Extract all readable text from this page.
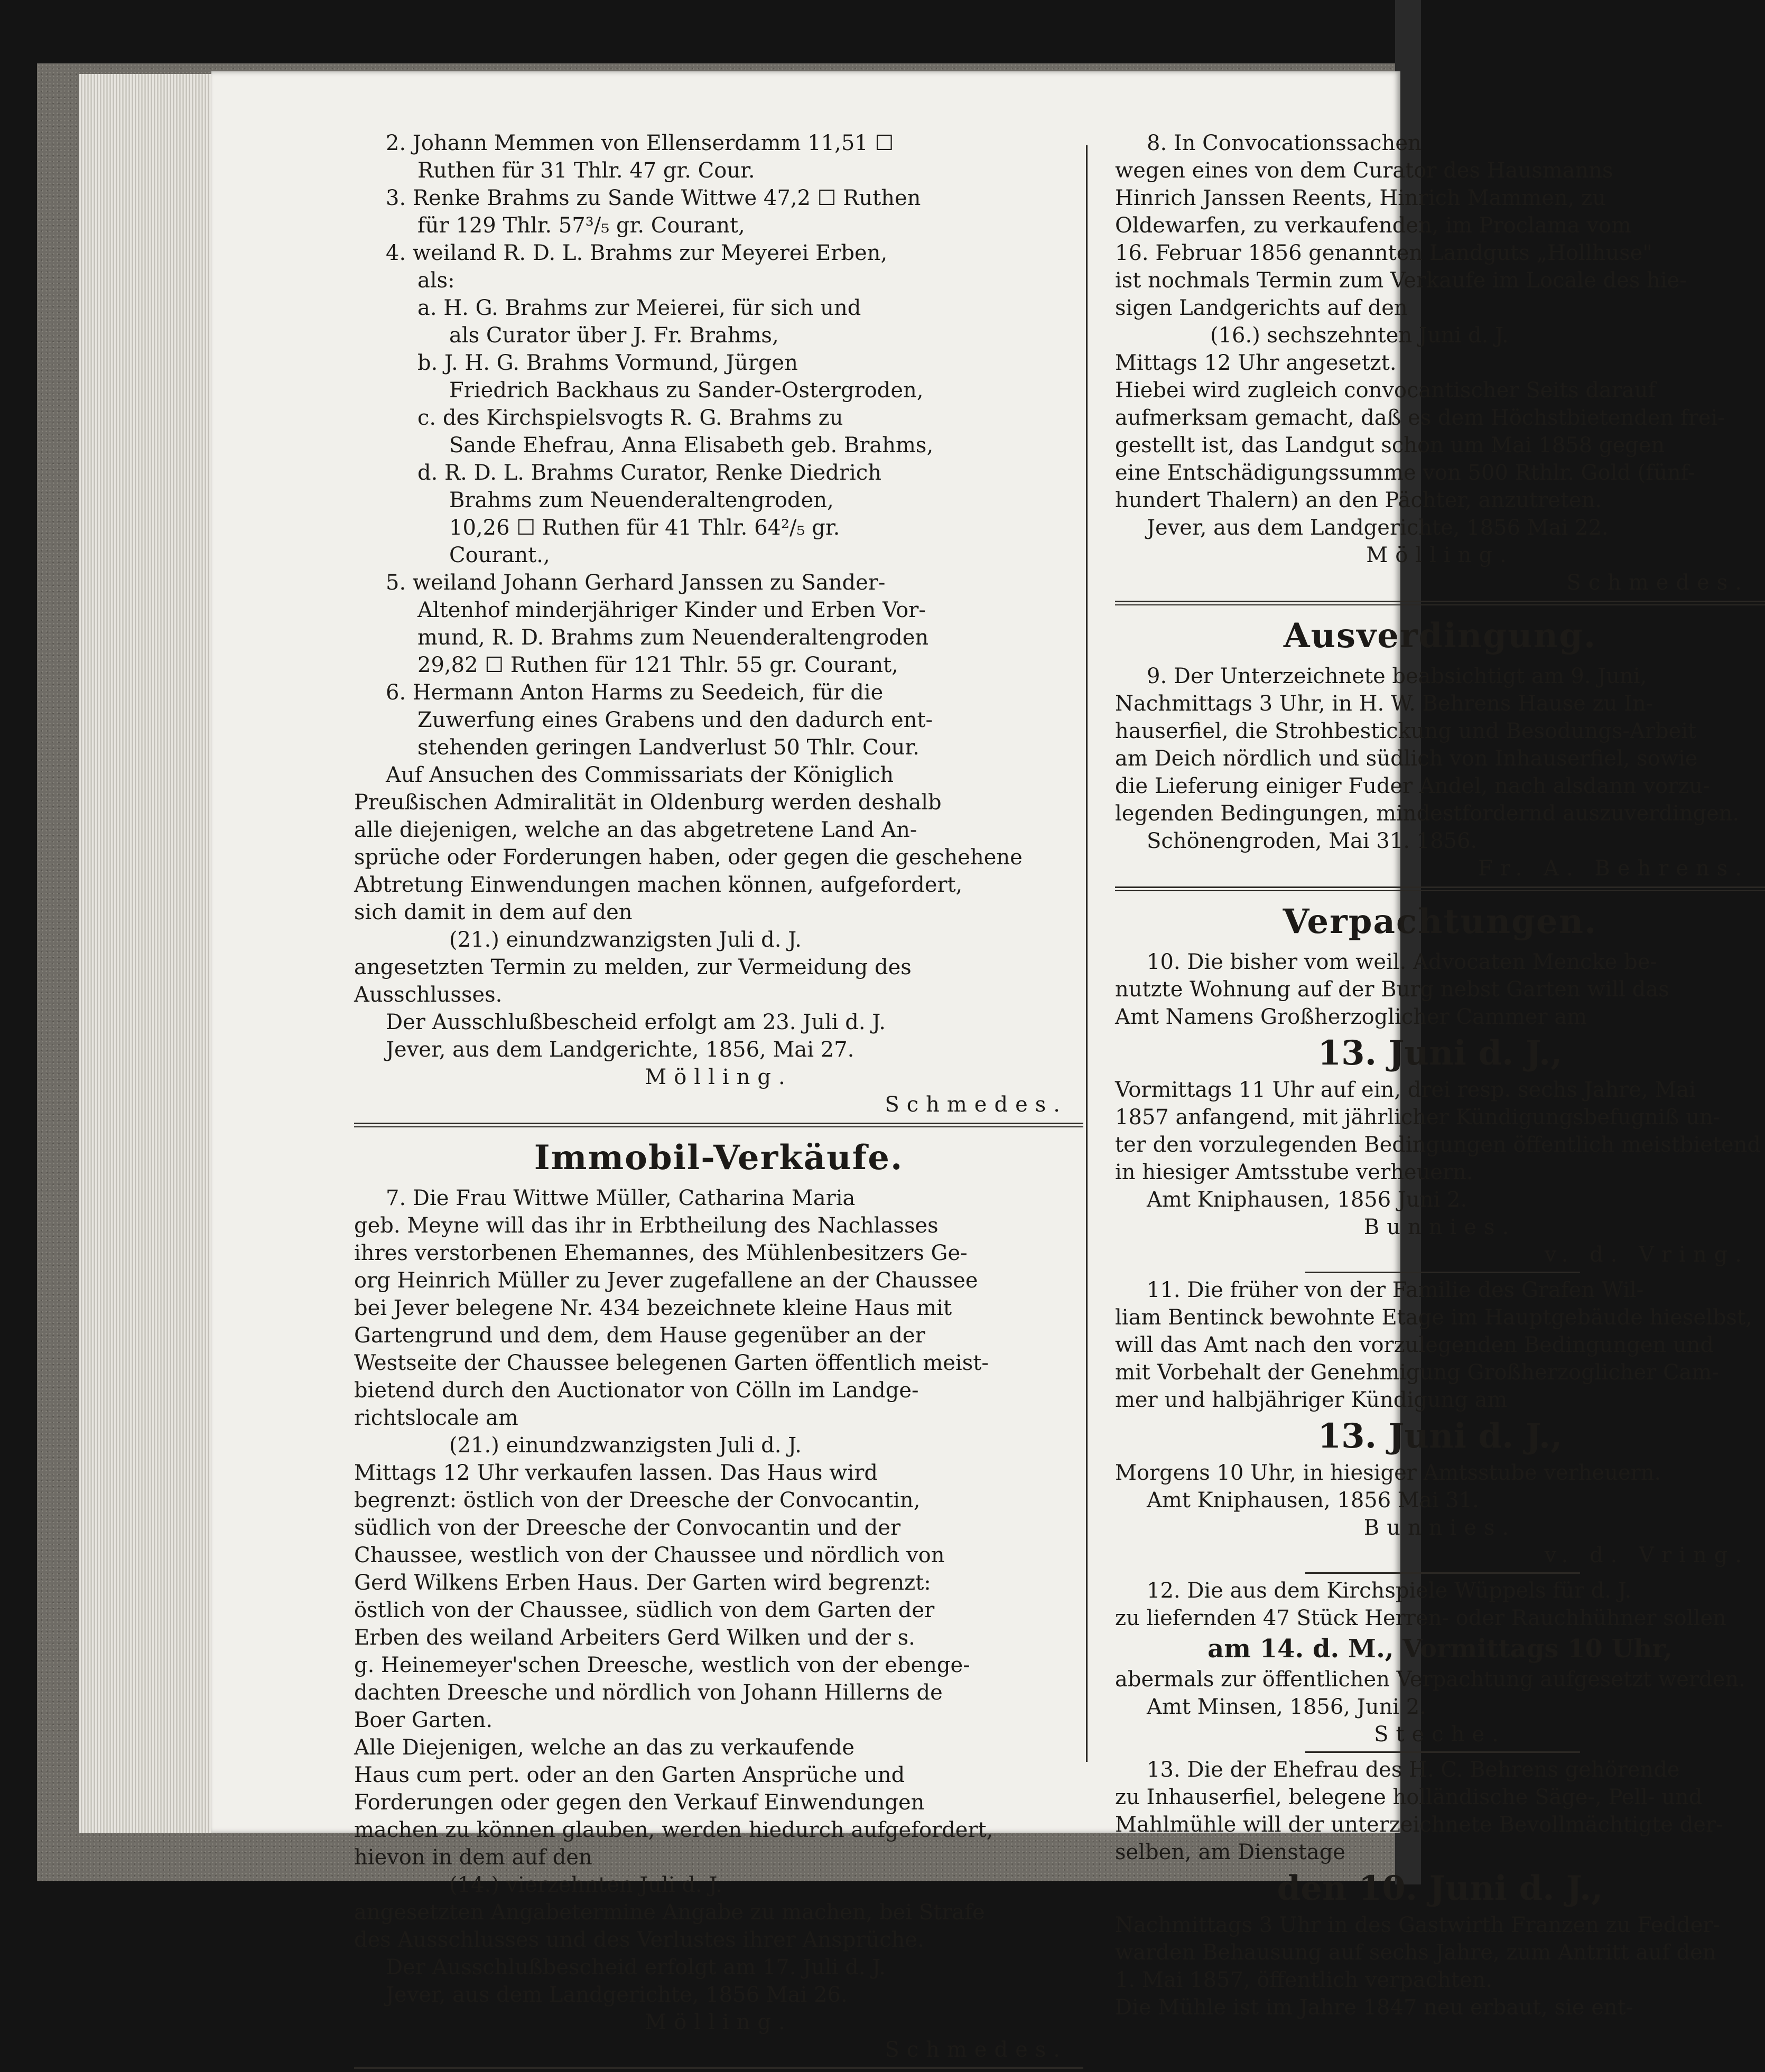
2. Johann Memmen von Ellenserdamm 11,51 ☐
Ruthen für 31 Thlr. 47 gr. Cour.
3. Renke Brahms zu Sande Wittwe 47,2 ☐ Ruthen
für 129 Thlr. 57³/₅ gr. Courant,
4. weiland R. D. L. Brahms zur Meyerei Erben,
als:
a. H. G. Brahms zur Meierei, für sich und
als Curator über J. Fr. Brahms,
b. J. H. G. Brahms Vormund, Jürgen
Friedrich Backhaus zu Sander-Ostergroden,
c. des Kirchspielsvogts R. G. Brahms zu
Sande Ehefrau, Anna Elisabeth geb. Brahms,
d. R. D. L. Brahms Curator, Renke Diedrich
Brahms zum Neuenderaltengroden,
10,26 ☐ Ruthen für 41 Thlr. 64²/₅ gr.
Courant.,
5. weiland Johann Gerhard Janssen zu Sander-
Altenhof minderjähriger Kinder und Erben Vor-
mund, R. D. Brahms zum Neuenderaltengroden
29,82 ☐ Ruthen für 121 Thlr. 55 gr. Courant,
6. Hermann Anton Harms zu Seedeich, für die
Zuwerfung eines Grabens und den dadurch ent-
stehenden geringen Landverlust 50 Thlr. Cour.
Auf Ansuchen des Commissariats der Königlich
Preußischen Admiralität in Oldenburg werden deshalb
alle diejenigen, welche an das abgetretene Land An-
sprüche oder Forderungen haben, oder gegen die geschehene
Abtretung Einwendungen machen können, aufgefordert,
sich damit in dem auf den
(21.) einundzwanzigsten Juli d. J.
angesetzten Termin zu melden, zur Vermeidung des
Ausschlusses.
Der Ausschlußbescheid erfolgt am 23. Juli d. J.
Jever, aus dem Landgerichte, 1856, Mai 27.
Mölling.
Schmedes.
Immobil-Verkäufe.
7. Die Frau Wittwe Müller, Catharina Maria
geb. Meyne will das ihr in Erbtheilung des Nachlasses
ihres verstorbenen Ehemannes, des Mühlenbesitzers Ge-
org Heinrich Müller zu Jever zugefallene an der Chaussee
bei Jever belegene Nr. 434 bezeichnete kleine Haus mit
Gartengrund und dem, dem Hause gegenüber an der
Westseite der Chaussee belegenen Garten öffentlich meist-
bietend durch den Auctionator von Cölln im Landge-
richtslocale am
(21.) einundzwanzigsten Juli d. J.
Mittags 12 Uhr verkaufen lassen. Das Haus wird
begrenzt: östlich von der Dreesche der Convocantin,
südlich von der Dreesche der Convocantin und der
Chaussee, westlich von der Chaussee und nördlich von
Gerd Wilkens Erben Haus. Der Garten wird begrenzt:
östlich von der Chaussee, südlich von dem Garten der
Erben des weiland Arbeiters Gerd Wilken und der s.
g. Heinemeyer'schen Dreesche, westlich von der ebenge-
dachten Dreesche und nördlich von Johann Hillerns de
Boer Garten.
Alle Diejenigen, welche an das zu verkaufende
Haus cum pert. oder an den Garten Ansprüche und
Forderungen oder gegen den Verkauf Einwendungen
machen zu können glauben, werden hiedurch aufgefordert,
hievon in dem auf den
(14.) vierzehnten Juli d. J.
angesetzten Angabetermine Angabe zu machen, bei Strafe
des Ausschlusses und des Verlustes ihrer Ansprüche.
Der Ausschlußbescheid erfolgt am 17. Juli d. J.
Jever, aus dem Landgerichte, 1856 Mai 26.
Mölling.
Schmedes.
8. In Convocationssachen
wegen eines von dem Curator des Hausmanns
Hinrich Janssen Reents, Hinrich Mammen, zu
Oldewarfen, zu verkaufenden, im Proclama vom
16. Februar 1856 genannten Landguts „Hollhuse"
ist nochmals Termin zum Verkaufe im Locale des hie-
sigen Landgerichts auf den
(16.) sechszehnten Juni d. J.
Mittags 12 Uhr angesetzt.
Hiebei wird zugleich convocantischer Seits darauf
aufmerksam gemacht, daß es dem Höchstbietenden frei-
gestellt ist, das Landgut schon um Mai 1858 gegen
eine Entschädigungssumme von 500 Rthlr. Gold (fünf-
hundert Thalern) an den Pächter, anzutreten.
Jever, aus dem Landgerichte, 1856 Mai 22.
Mölling.
Schmedes.
Ausverdingung.
9. Der Unterzeichnete beabsichtigt am 9. Juni,
Nachmittags 3 Uhr, in H. W. Behrens Hause zu In-
hauserfiel, die Strohbestickung und Besodungs-Arbeit
am Deich nördlich und südlich von Inhauserfiel, sowie
die Lieferung einiger Fuder Andel, nach alsdann vorzu-
legenden Bedingungen, mindestfordernd auszuverdingen.
Schönengroden, Mai 31. 1856.
Fr. A. Behrens.
Verpachtungen.
10. Die bisher vom weil. Advocaten Mencke be-
nutzte Wohnung auf der Burg nebst Garten will das
Amt Namens Großherzoglicher Cammer am
13. Juni d. J.,
Vormittags 11 Uhr auf ein, drei resp. sechs Jahre, Mai
1857 anfangend, mit jährlicher Kündigungsbefugniß un-
ter den vorzulegenden Bedingungen öffentlich meistbietend
in hiesiger Amtsstube verheuern.
Amt Kniphausen, 1856 Juni 2.
Bunnies.
v. d. Vring.
11. Die früher von der Familie des Grafen Wil-
liam Bentinck bewohnte Etage im Hauptgebäude hieselbst,
will das Amt nach den vorzulegenden Bedingungen und
mit Vorbehalt der Genehmigung Großherzoglicher Cam-
mer und halbjähriger Kündigung am
13. Juni d. J.,
Morgens 10 Uhr, in hiesiger Amtsstube verheuern.
Amt Kniphausen, 1856 Mai 31.
Bunnies.
v. d. Vring.
12. Die aus dem Kirchspiele Wüppels für d. J.
zu liefernden 47 Stück Herren- oder Rauchhühner sollen
am 14. d. M., Vormittags 10 Uhr,
abermals zur öffentlichen Verpachtung aufgesetzt werden.
Amt Minsen, 1856, Juni 2.
Steche.
13. Die der Ehefrau des H. C. Behrens gehörende
zu Inhauserfiel, belegene holländische Säge-, Pell- und
Mahlmühle will der unterzeichnete Bevollmächtigte der-
selben, am Dienstage
den 10. Juni d. J.,
Nachmittags 3 Uhr in des Gastwirth Franzen zu Fedder-
warden Behausung auf sechs Jahre, zum Antritt auf den
1. Mai 1857, öffentlich verpachten.
Die Mühle ist im Jahre 1847 neu erbaut, sie ent-
